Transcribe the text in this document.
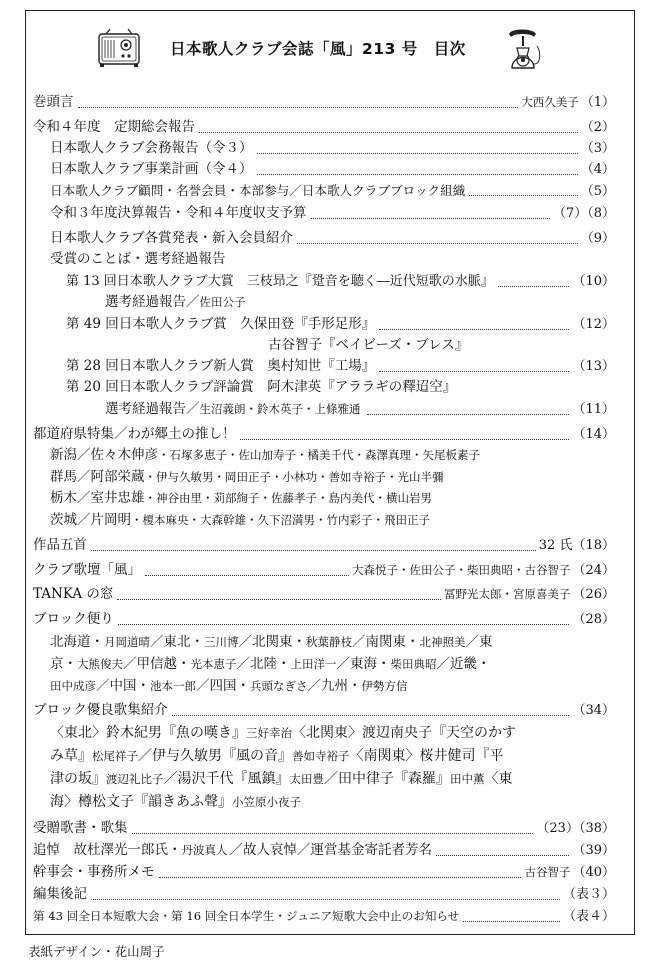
日本歌人クラブ会誌「風」213 号　目次
巻頭言	大西久美子 （1）
令和４年度　定期総会報告	（2）
日本歌人クラブ会務報告（令３）	（3）
日本歌人クラブ事業計画（令４）	（4）
日本歌人クラブ顧問・名誉会員・本部参与／日本歌人クラブブロック組織	（5）
令和３年度決算報告・令和４年度収支予算	（7）（8）
日本歌人クラブ各賞発表・新入会員紹介	（9）
受賞のことば・選考経過報告
第 13 回日本歌人クラブ大賞　三枝昻之『跫音を聴く―近代短歌の水脈』	（10）
選考経過報告／佐田公子
第 49 回日本歌人クラブ賞　久保田登『手形足形』	（12）
古谷智子『ベイビーズ・ブレス』
第 28 回日本歌人クラブ新人賞　奥村知世『工場』	（13）
第 20 回日本歌人クラブ評論賞　阿木津英『アララギの釋迢空』
選考経過報告／ 生沼義朗・鈴木英子・上條雅通	（11）
都道府県特集／わが郷土の推し！	（14）
新潟／佐々木伸彦・石塚多恵子・佐山加寿子・橘美千代・森澤真理・矢尾板素子
群馬／阿部栄蔵・伊与久敏男・岡田正子・小林功・善如寺裕子・光山半彌
栃木／室井忠雄・神谷由里・苅部絢子・佐藤孝子・島内美代・横山岩男
茨城／片岡明・榎本麻央・大森幹雄・久下沼満男・竹内彩子・飛田正子
作品五首	32 氏（18）
クラブ歌壇「風」	大森悦子・佐田公子・柴田典昭・古谷智子 （24）
TANKA の窓	冨野光太郎・宮原喜美子 （26）
ブロック便り	（28）
北海道・月岡道晴／東北・三川博／北関東・秋葉静枝／南関東・北神照美／東
京・大熊俊夫／甲信越・光本恵子／北陸・上田洋一／東海・柴田典昭／近畿・
田中成彦／中国・池本一郎／四国・兵頭なぎさ／九州・伊勢方信
ブロック優良歌集紹介	（34）
〈東北〉鈴木紀男『魚の嘆き』三好幸治〈北関東〉渡辺南央子『天空のかす
み草』松尾祥子／伊与久敏男『風の音』善如寺裕子〈南関東〉桜井健司『平
津の坂』渡辺礼比子／湯沢千代『風鎮』太田豊／田中律子『森羅』田中薫〈東
海〉樽松文子『韻きあふ聲』小笠原小夜子
受贈歌書・歌集	（23）（38）
追悼　故杜澤光一郎氏・ 丹波真人 ／故人哀悼／運営基金寄託者芳名	（39）
幹事会・事務所メモ	古谷智子 （40）
編集後記	（表３）
第 43 回全日本短歌大会・第 16 回全日本学生・ジュニア短歌大会中止のお知らせ	（表４）
表紙デザイン・花山周子
